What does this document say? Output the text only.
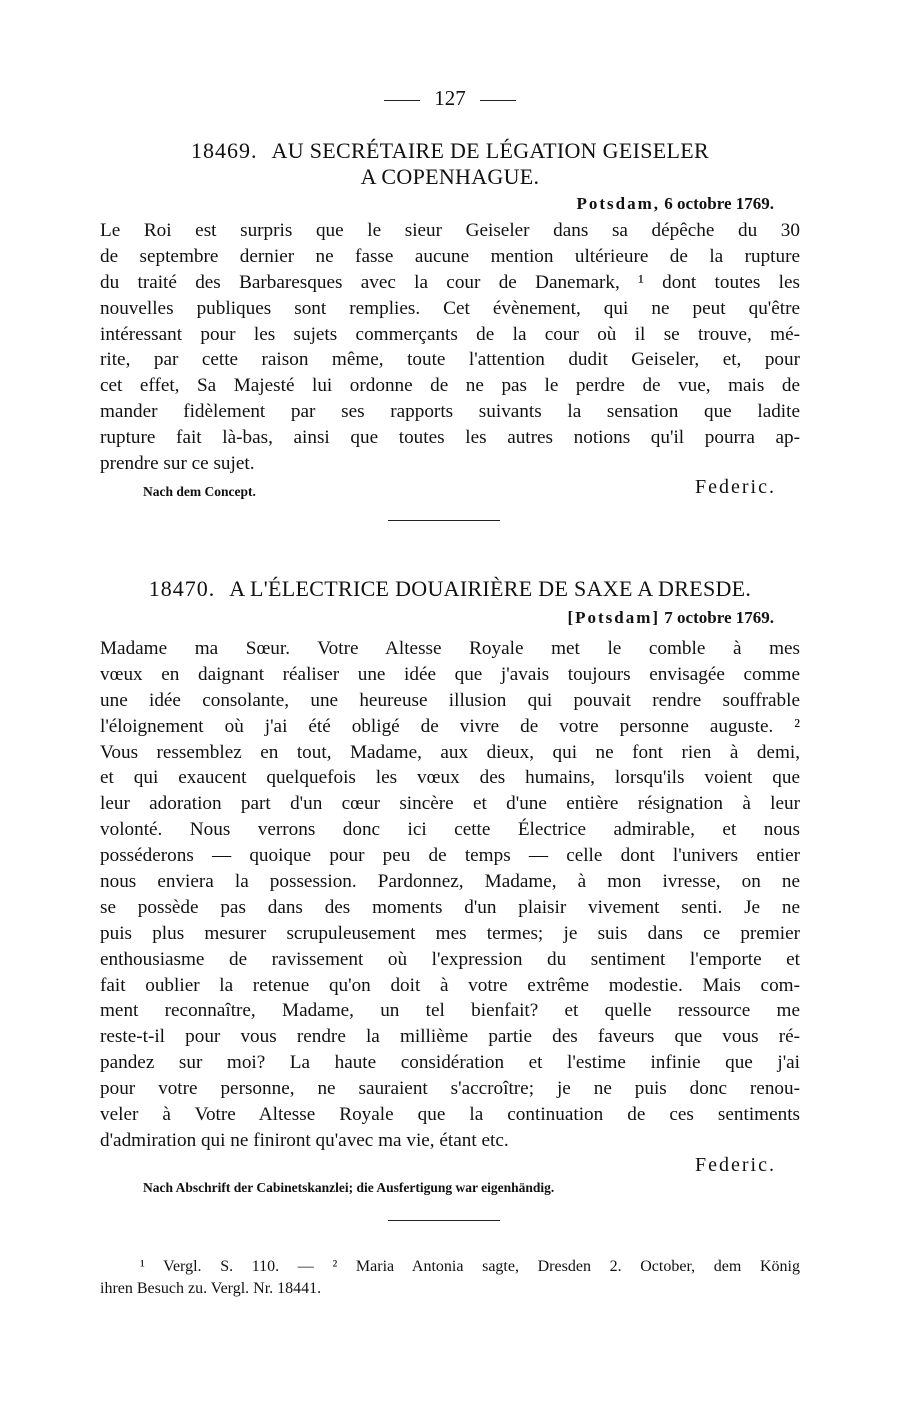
127
18469. AU SECRÉTAIRE DE LÉGATION GEISELER
A COPENHAGUE.
Potsdam, 6 octobre 1769.
Le Roi est surpris que le sieur Geiseler dans sa dépêche du 30
de septembre dernier ne fasse aucune mention ultérieure de la rupture
du traité des Barbaresques avec la cour de Danemark, ¹ dont toutes les
nouvelles publiques sont remplies. Cet évènement, qui ne peut qu'être
intéressant pour les sujets commerçants de la cour où il se trouve, mé-
rite, par cette raison même, toute l'attention dudit Geiseler, et, pour
cet effet, Sa Majesté lui ordonne de ne pas le perdre de vue, mais de
mander fidèlement par ses rapports suivants la sensation que ladite
rupture fait là-bas, ainsi que toutes les autres notions qu'il pourra ap-
prendre sur ce sujet.
Nach dem Concept.	Federic.
18470. A L'ÉLECTRICE DOUAIRIÈRE DE SAXE A DRESDE.
[Potsdam] 7 octobre 1769.
Madame ma Sœur. Votre Altesse Royale met le comble à mes
vœux en daignant réaliser une idée que j'avais toujours envisagée comme
une idée consolante, une heureuse illusion qui pouvait rendre souffrable
l'éloignement où j'ai été obligé de vivre de votre personne auguste. ²
Vous ressemblez en tout, Madame, aux dieux, qui ne font rien à demi,
et qui exaucent quelquefois les vœux des humains, lorsqu'ils voient que
leur adoration part d'un cœur sincère et d'une entière résignation à leur
volonté. Nous verrons donc ici cette Électrice admirable, et nous
posséderons — quoique pour peu de temps — celle dont l'univers entier
nous enviera la possession. Pardonnez, Madame, à mon ivresse, on ne
se possède pas dans des moments d'un plaisir vivement senti. Je ne
puis plus mesurer scrupuleusement mes termes; je suis dans ce premier
enthousiasme de ravissement où l'expression du sentiment l'emporte et
fait oublier la retenue qu'on doit à votre extrême modestie. Mais com-
ment reconnaître, Madame, un tel bienfait? et quelle ressource me
reste-t-il pour vous rendre la millième partie des faveurs que vous ré-
pandez sur moi? La haute considération et l'estime infinie que j'ai
pour votre personne, ne sauraient s'accroître; je ne puis donc renou-
veler à Votre Altesse Royale que la continuation de ces sentiments
d'admiration qui ne finiront qu'avec ma vie, étant etc.
Federic.
Nach Abschrift der Cabinetskanzlei; die Ausfertigung war eigenhändig.
¹ Vergl. S. 110. — ² Maria Antonia sagte, Dresden 2. October, dem König
ihren Besuch zu. Vergl. Nr. 18441.
